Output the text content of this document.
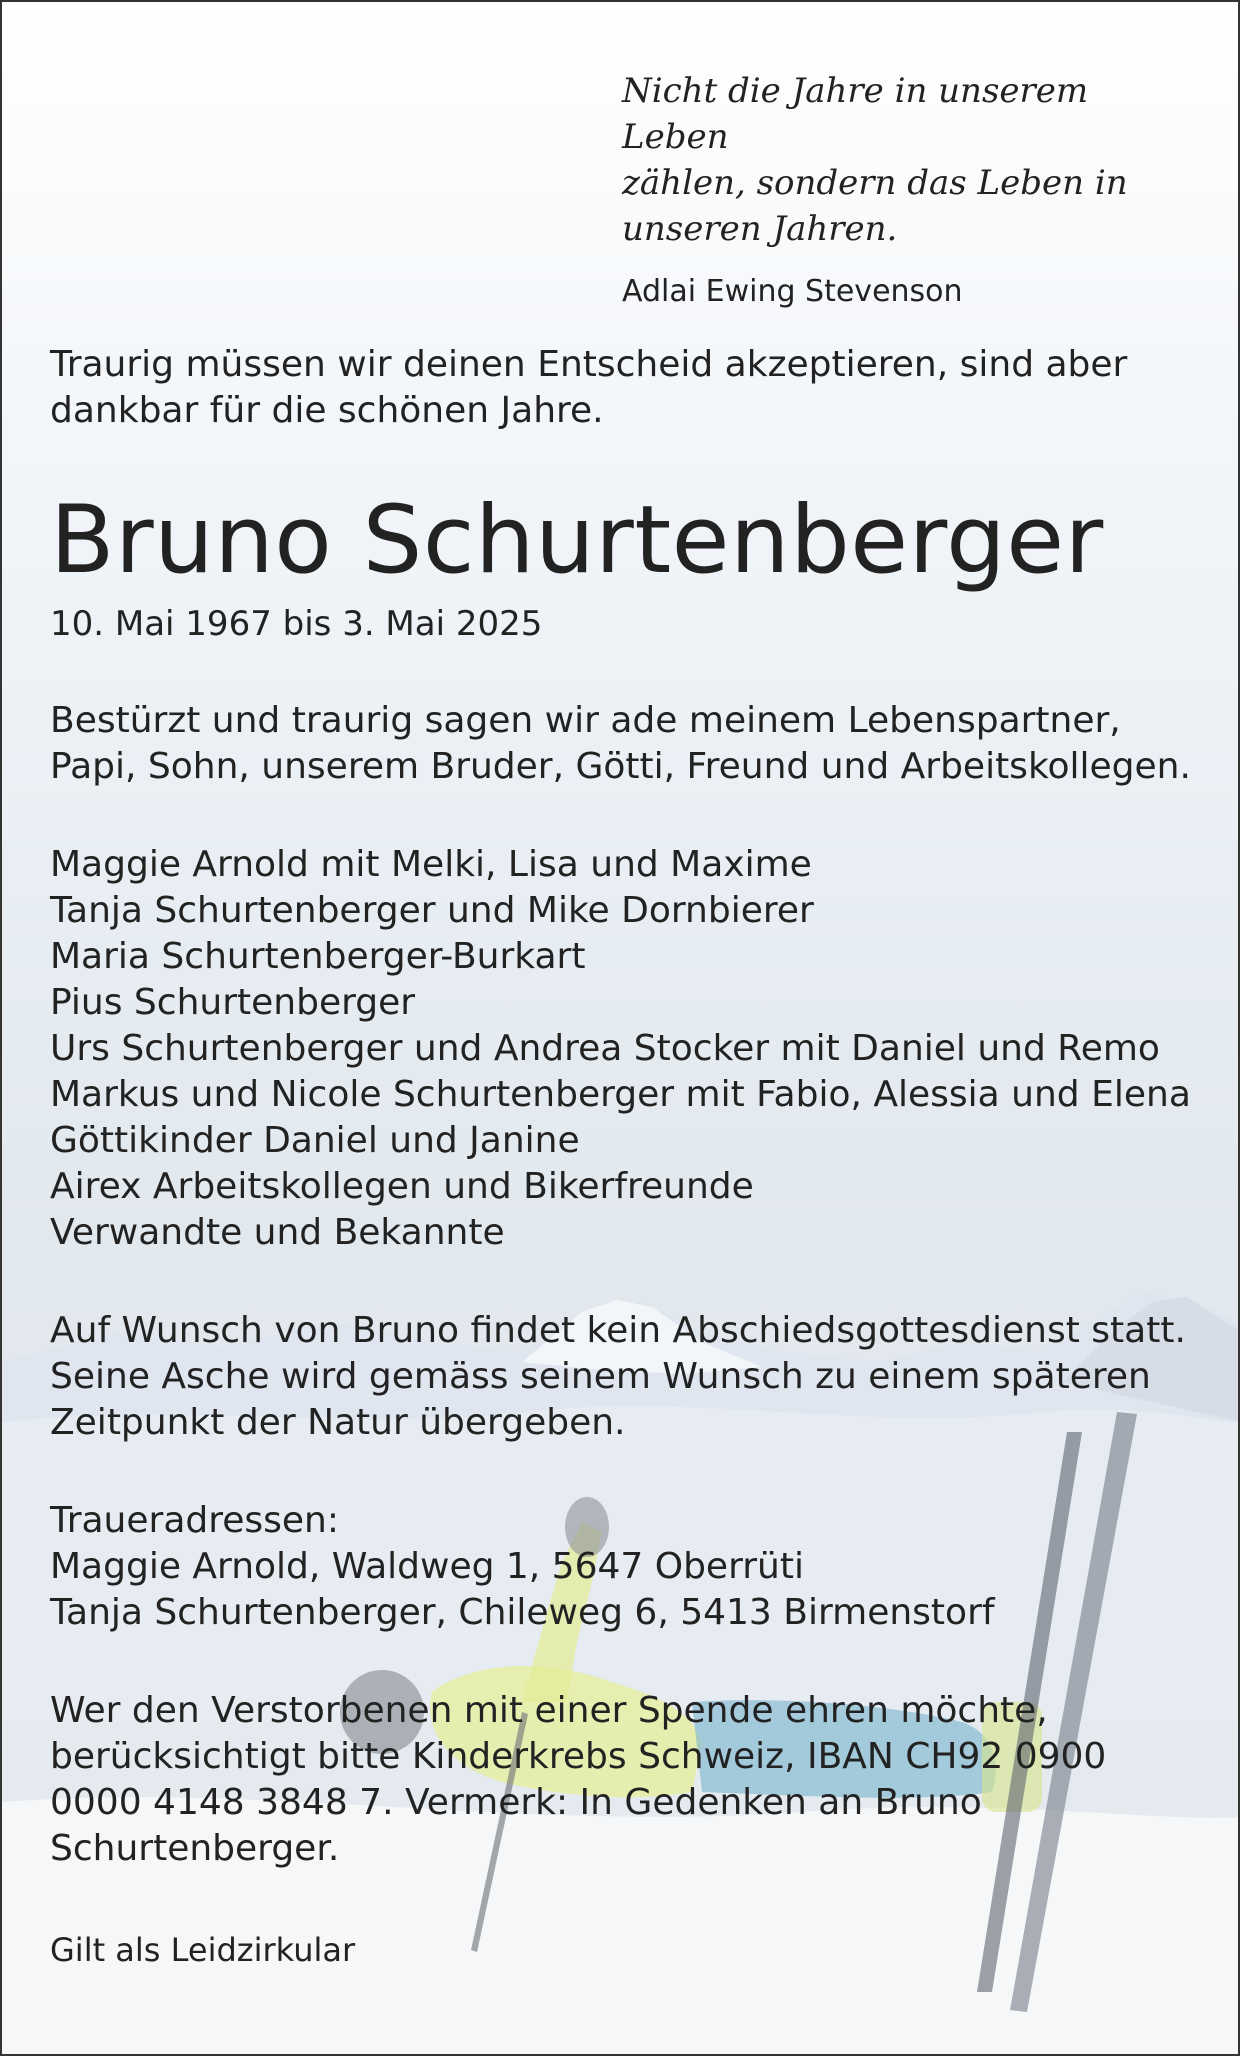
Nicht die Jahre in unserem Leben
zählen, sondern das Leben in
unseren Jahren.

Adlai Ewing Stevenson

Traurig müssen wir deinen Entscheid akzeptieren, sind aber dankbar für die schönen Jahre.

Bruno Schurtenberger

10. Mai 1967 bis 3. Mai 2025

Bestürzt und traurig sagen wir ade meinem Lebenspartner, Papi, Sohn, unserem Bruder, Götti, Freund und Arbeitskollegen.

Maggie Arnold mit Melki, Lisa und Maxime
Tanja Schurtenberger und Mike Dornbierer
Maria Schurtenberger-Burkart
Pius Schurtenberger
Urs Schurtenberger und Andrea Stocker mit Daniel und Remo
Markus und Nicole Schurtenberger mit Fabio, Alessia und Elena
Göttikinder Daniel und Janine
Airex Arbeitskollegen und Bikerfreunde
Verwandte und Bekannte

Auf Wunsch von Bruno findet kein Abschiedsgottesdienst statt. Seine Asche wird gemäss seinem Wunsch zu einem späteren Zeitpunkt der Natur übergeben.

Traueradressen:

Maggie Arnold, Waldweg 1, 5647 Oberrüti

Tanja Schurtenberger, Chileweg 6, 5413 Birmenstorf

Wer den Verstorbenen mit einer Spende ehren möchte, berücksichtigt bitte Kinderkrebs Schweiz, IBAN CH92 0900 0000 4148 3848 7. Vermerk: In Gedenken an Bruno Schurtenberger.

Gilt als Leidzirkular
